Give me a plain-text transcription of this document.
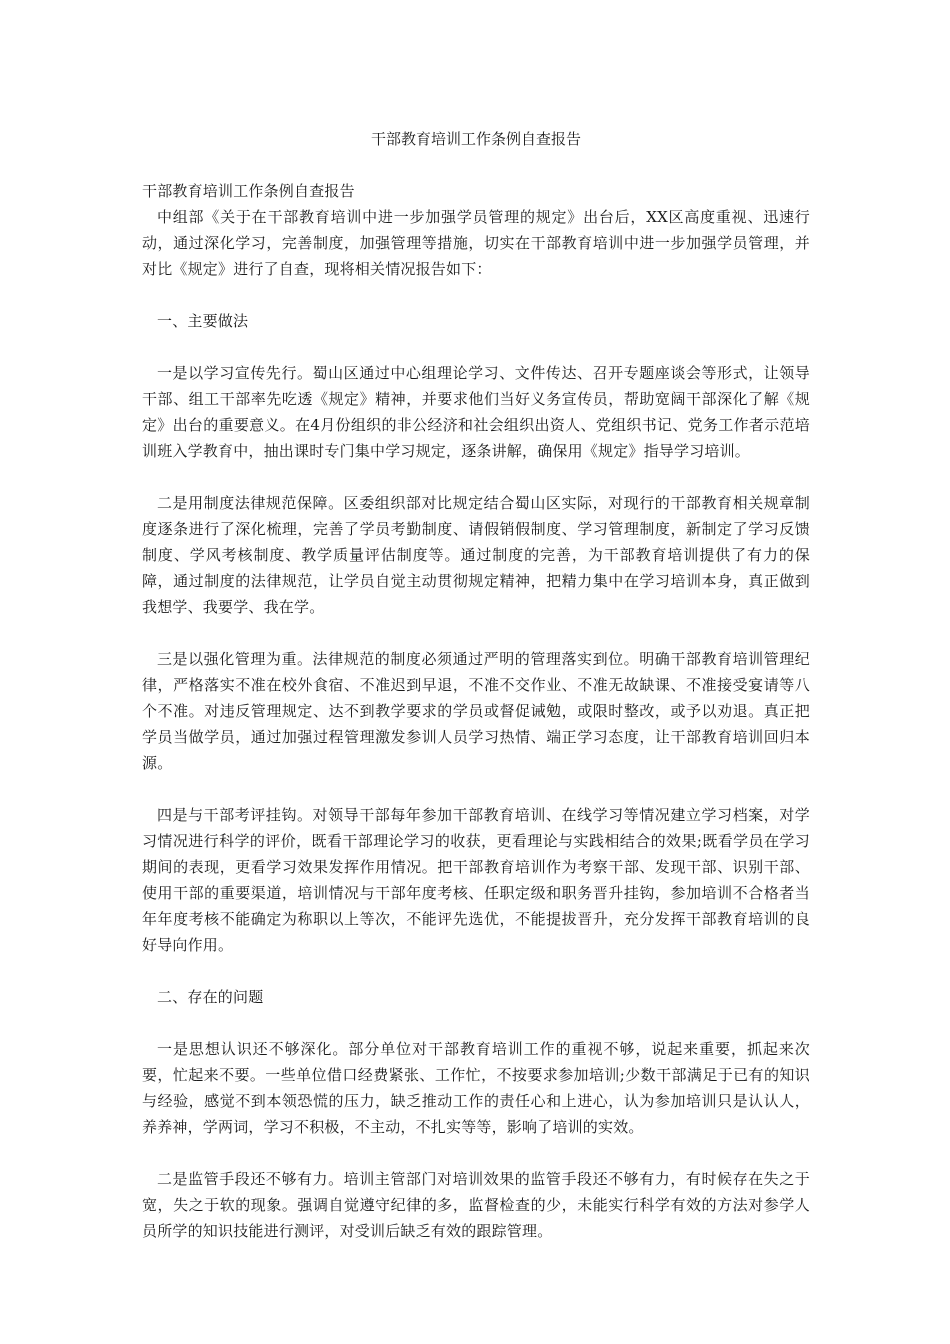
干部教育培训工作条例自查报告

干部教育培训工作条例自查报告

中组部《关于在干部教育培训中进一步加强学员管理的规定》出台后，XX区高度重视、迅速行动，通过深化学习，完善制度，加强管理等措施，切实在干部教育培训中进一步加强学员管理，并对比《规定》进行了自查，现将相关情况报告如下：

一、主要做法

一是以学习宣传先行。蜀山区通过中心组理论学习、文件传达、召开专题座谈会等形式，让领导干部、组工干部率先吃透《规定》精神，并要求他们当好义务宣传员，帮助宽阔干部深化了解《规定》出台的重要意义。在4月份组织的非公经济和社会组织出资人、党组织书记、党务工作者示范培训班入学教育中，抽出课时专门集中学习规定，逐条讲解，确保用《规定》指导学习培训。

二是用制度法律规范保障。区委组织部对比规定结合蜀山区实际，对现行的干部教育相关规章制度逐条进行了深化梳理，完善了学员考勤制度、请假销假制度、学习管理制度，新制定了学习反馈制度、学风考核制度、教学质量评估制度等。通过制度的完善，为干部教育培训提供了有力的保障，通过制度的法律规范，让学员自觉主动贯彻规定精神，把精力集中在学习培训本身，真正做到我想学、我要学、我在学。

三是以强化管理为重。法律规范的制度必须通过严明的管理落实到位。明确干部教育培训管理纪律，严格落实不准在校外食宿、不准迟到早退，不准不交作业、不准无故缺课、不准接受宴请等八个不准。对违反管理规定、达不到教学要求的学员或督促诫勉，或限时整改，或予以劝退。真正把学员当做学员，通过加强过程管理激发参训人员学习热情、端正学习态度，让干部教育培训回归本源。

四是与干部考评挂钩。对领导干部每年参加干部教育培训、在线学习等情况建立学习档案，对学习情况进行科学的评价，既看干部理论学习的收获，更看理论与实践相结合的效果;既看学员在学习期间的表现，更看学习效果发挥作用情况。把干部教育培训作为考察干部、发现干部、识别干部、使用干部的重要渠道，培训情况与干部年度考核、任职定级和职务晋升挂钩，参加培训不合格者当年年度考核不能确定为称职以上等次，不能评先选优，不能提拔晋升，充分发挥干部教育培训的良好导向作用。

二、存在的问题

一是思想认识还不够深化。部分单位对干部教育培训工作的重视不够，说起来重要，抓起来次要，忙起来不要。一些单位借口经费紧张、工作忙，不按要求参加培训;少数干部满足于已有的知识与经验，感觉不到本领恐慌的压力，缺乏推动工作的责任心和上进心，认为参加培训只是认认人，养养神，学两词，学习不积极，不主动，不扎实等等，影响了培训的实效。

二是监管手段还不够有力。培训主管部门对培训效果的监管手段还不够有力，有时候存在失之于宽，失之于软的现象。强调自觉遵守纪律的多，监督检查的少，未能实行科学有效的方法对参学人员所学的知识技能进行测评，对受训后缺乏有效的跟踪管理。
